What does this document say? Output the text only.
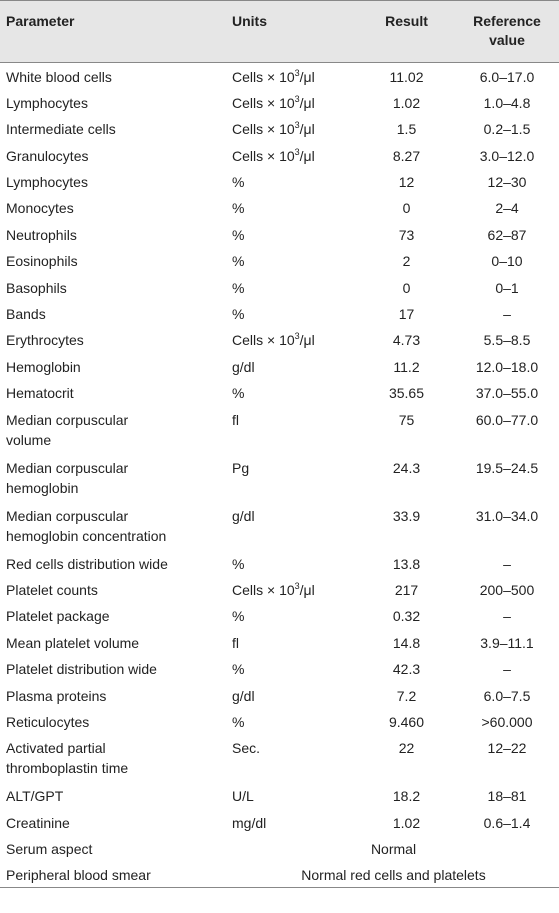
Parameter	Units	Result	Reference
value
White blood cells	Cells × $10^3/\mu l$	11.02	6.0–17.0
Lymphocytes	Cells × $10^3/\mu l$	1.02	1.0–4.8
Intermediate cells	Cells × $10^3/\mu l$	1.5	0.2–1.5
Granulocytes	Cells × $10^3/\mu l$	8.27	3.0–12.0
Lymphocytes	%	12	12–30
Monocytes	%	0	2–4
Neutrophils	%	73	62–87
Eosinophils	%	2	0–10
Basophils	%	0	0–1
Bands	%	17	–
Erythrocytes	Cells × $10^3/\mu l$	4.73	5.5–8.5
Hemoglobin	g/dl	11.2	12.0–18.0
Hematocrit	%	35.65	37.0–55.0
Median corpuscular
volume	fl	75	60.0–77.0
Median corpuscular
hemoglobin	Pg	24.3	19.5–24.5
Median corpuscular
hemoglobin concentration	g/dl	33.9	31.0–34.0
Red cells distribution wide	%	13.8	–
Platelet counts	Cells × $10^3/\mu l$	217	200–500
Platelet package	%	0.32	–
Mean platelet volume	fl	14.8	3.9–11.1
Platelet distribution wide	%	42.3	–
Plasma proteins	g/dl	7.2	6.0–7.5
Reticulocytes	%	9.460	>60.000
Activated partial
thromboplastin time	Sec.	22	12–22
ALT/GPT	U/L	18.2	18–81
Creatinine	mg/dl	1.02	0.6–1.4
Serum aspect	Normal		
Peripheral blood smear	Normal red cells and platelets		
